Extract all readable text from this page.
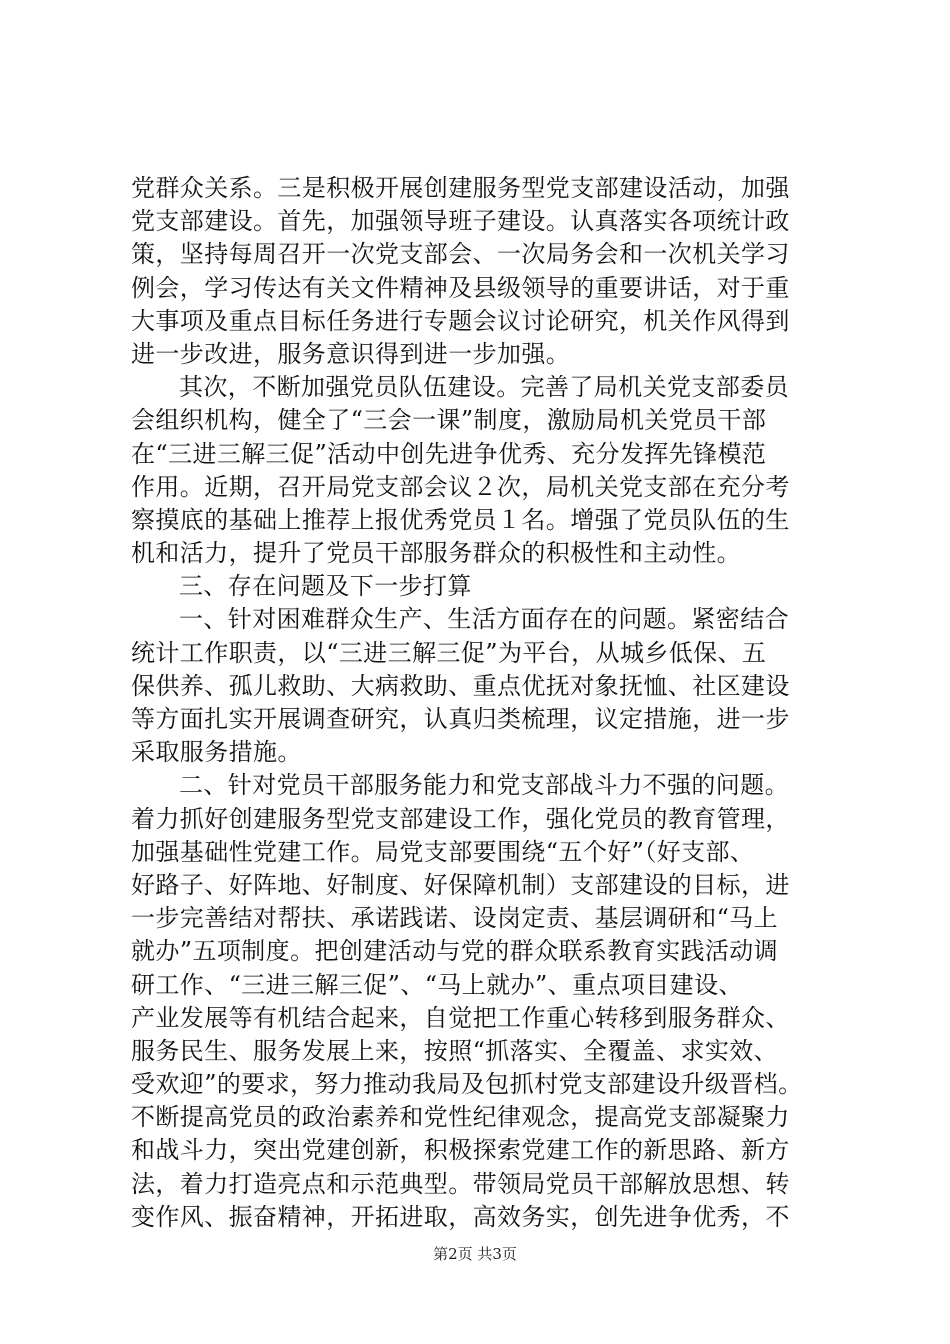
党群众关系。三是积极开展创建服务型党支部建设活动，加强
党支部建设。首先，加强领导班子建设。认真落实各项统计政
策，坚持每周召开一次党支部会、一次局务会和一次机关学习
例会，学习传达有关文件精神及县级领导的重要讲话，对于重
大事项及重点目标任务进行专题会议讨论研究，机关作风得到
进一步改进，服务意识得到进一步加强。
其次，不断加强党员队伍建设。完善了局机关党支部委员
会组织机构，健全了“三会一课”制度，激励局机关党员干部
在“三进三解三促”活动中创先进争优秀、充分发挥先锋模范
作用。近期，召开局党支部会议２次，局机关党支部在充分考
察摸底的基础上推荐上报优秀党员１名。增强了党员队伍的生
机和活力，提升了党员干部服务群众的积极性和主动性。
三、存在问题及下一步打算
一、针对困难群众生产、生活方面存在的问题。紧密结合
统计工作职责，以“三进三解三促”为平台，从城乡低保、五
保供养、孤儿救助、大病救助、重点优抚对象抚恤、社区建设
等方面扎实开展调查研究，认真归类梳理，议定措施，进一步
采取服务措施。
二、针对党员干部服务能力和党支部战斗力不强的问题。
着力抓好创建服务型党支部建设工作，强化党员的教育管理，
加强基础性党建工作。局党支部要围绕“五个好”（好支部、
好路子、好阵地、好制度、好保障机制）支部建设的目标，进
一步完善结对帮扶、承诺践诺、设岗定责、基层调研和“马上
就办”五项制度。把创建活动与党的群众联系教育实践活动调
研工作、“三进三解三促”、“马上就办”、重点项目建设、
产业发展等有机结合起来，自觉把工作重心转移到服务群众、
服务民生、服务发展上来，按照“抓落实、全覆盖、求实效、
受欢迎”的要求，努力推动我局及包抓村党支部建设升级晋档。
不断提高党员的政治素养和党性纪律观念，提高党支部凝聚力
和战斗力，突出党建创新，积极探索党建工作的新思路、新方
法，着力打造亮点和示范典型。带领局党员干部解放思想、转
变作风、振奋精神，开拓进取，高效务实，创先进争优秀，不
第2页 共3页
